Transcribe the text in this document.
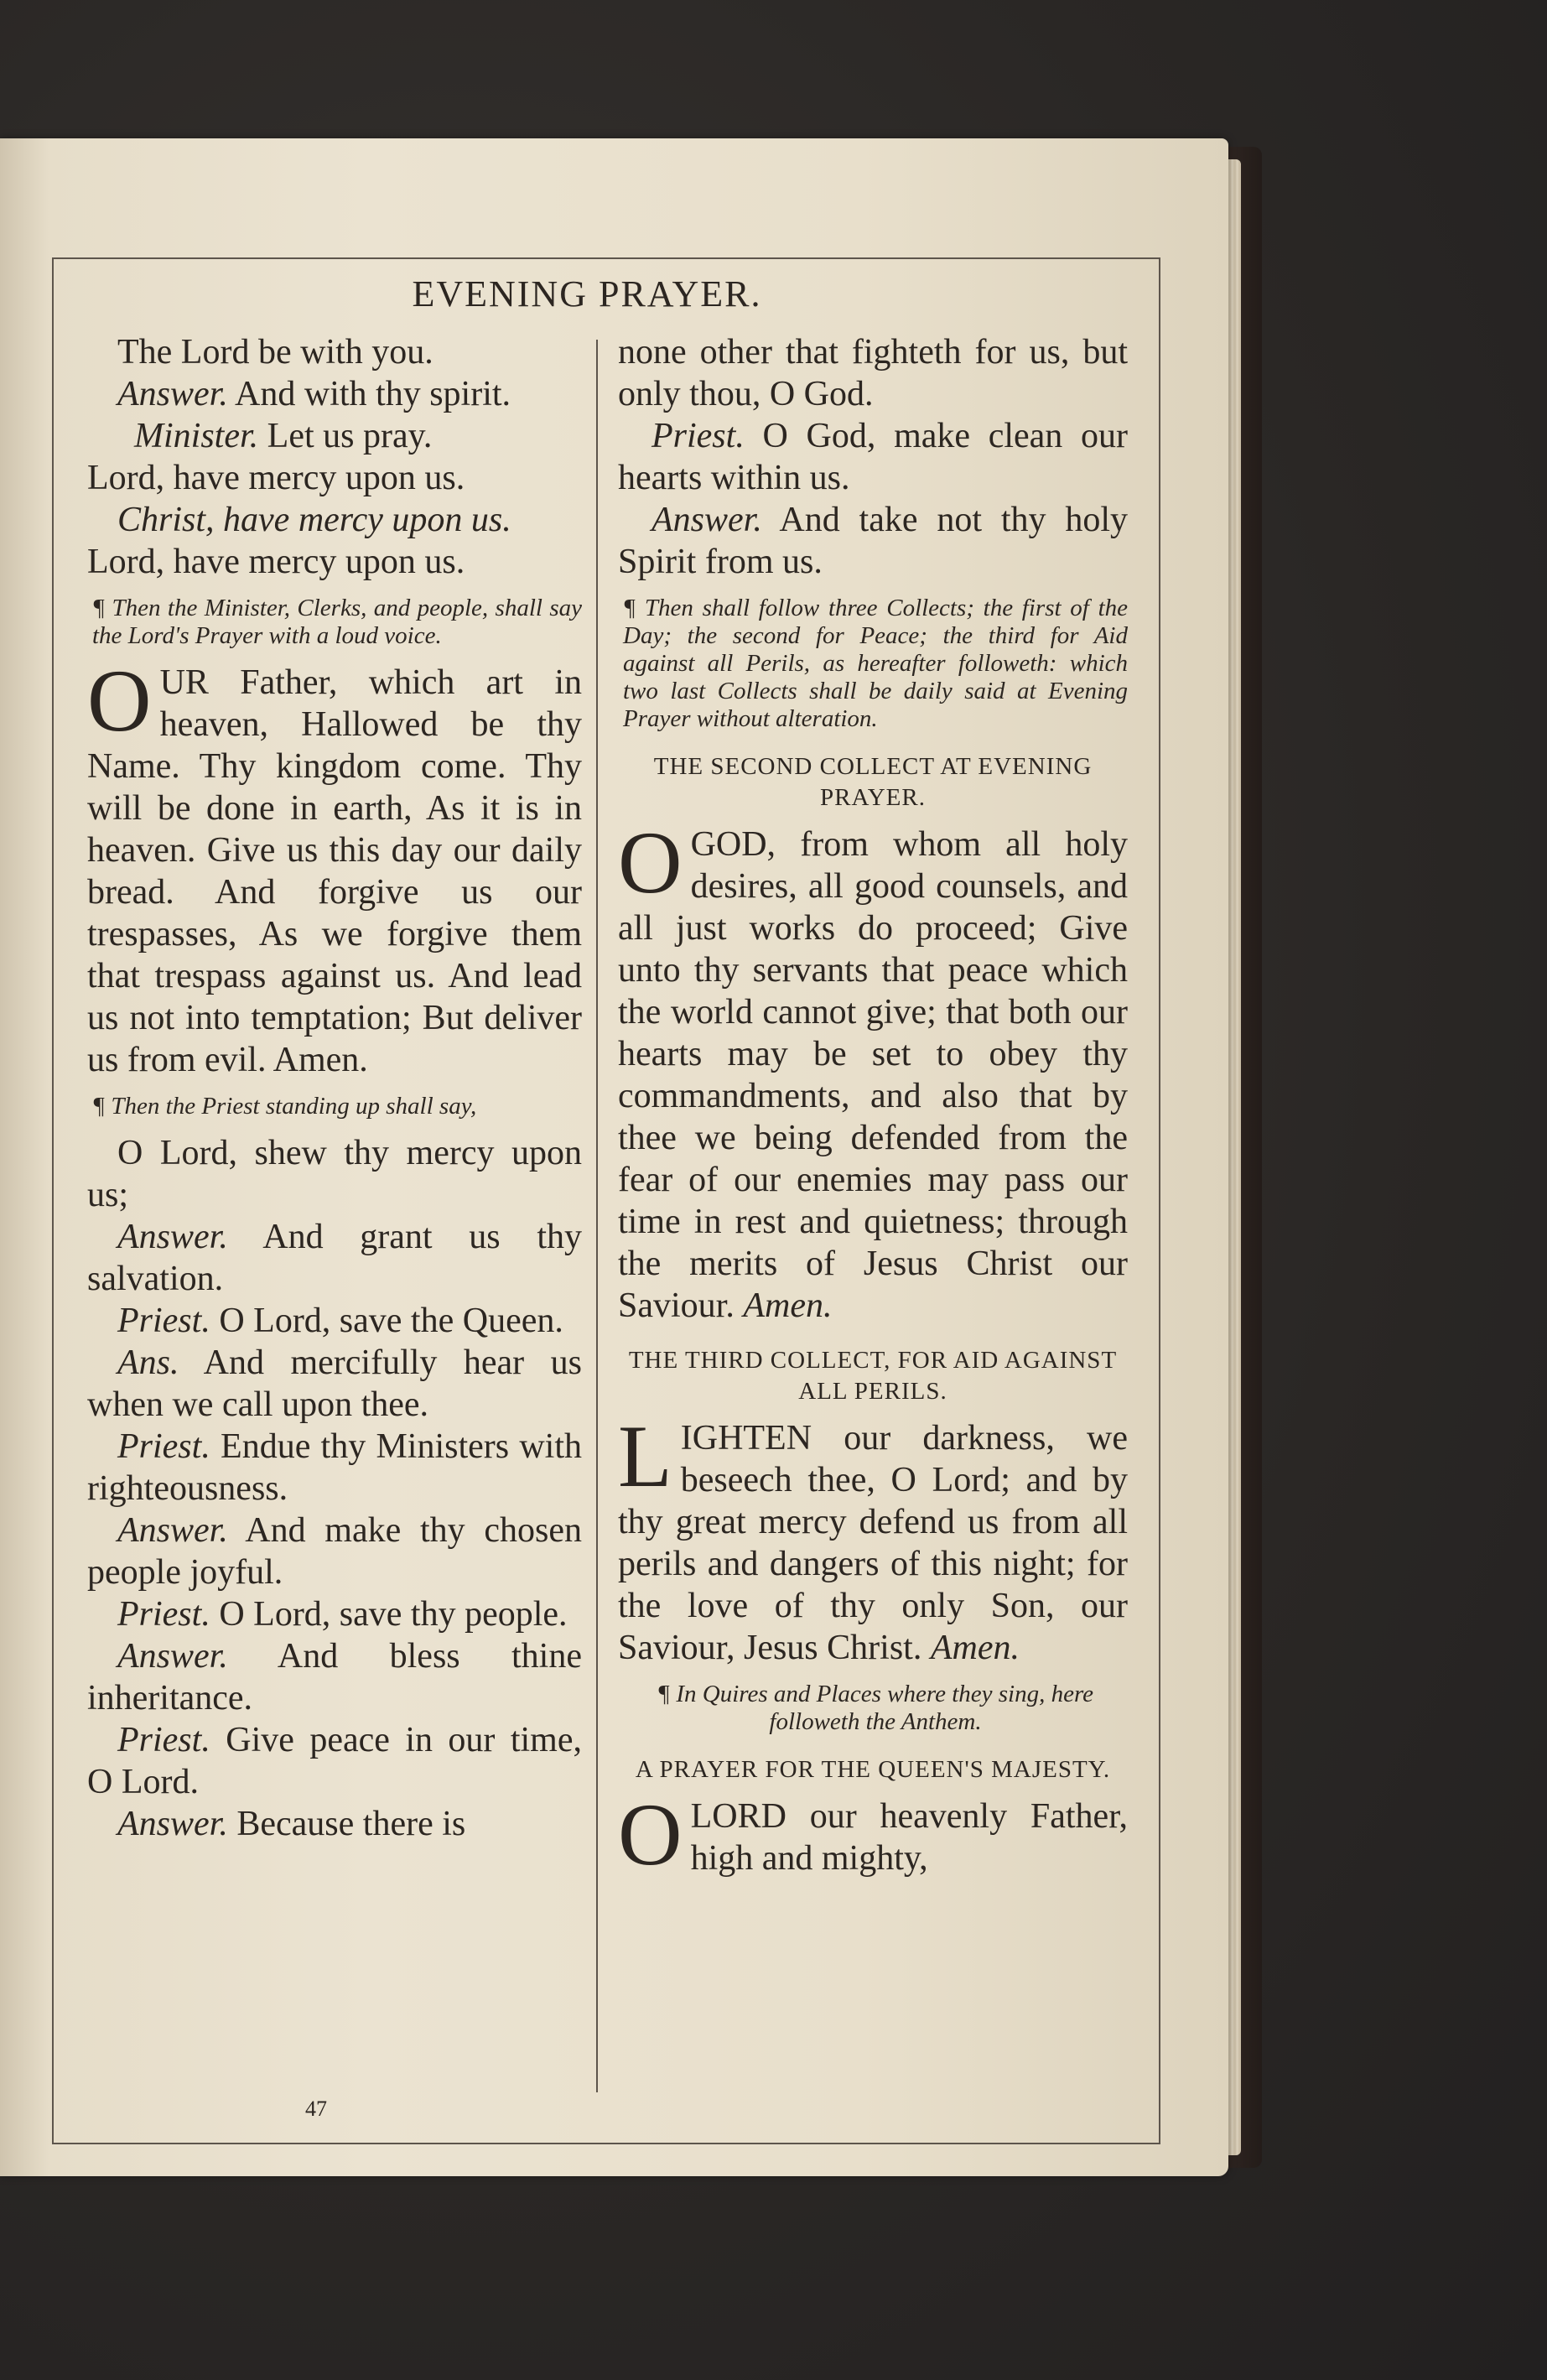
EVENING PRAYER.

The Lord be with you.

Answer. And with thy spirit.

Minister. Let us pray.

Lord, have mercy upon us.

Christ, have mercy upon us.

Lord, have mercy upon us.

¶ Then the Minister, Clerks, and people, shall say the Lord's Prayer with a loud voice.

OUR Father, which art in heaven, Hallowed be thy Name. Thy kingdom come. Thy will be done in earth, As it is in heaven. Give us this day our daily bread. And forgive us our trespasses, As we forgive them that trespass against us. And lead us not into temptation; But deliver us from evil. Amen.

¶ Then the Priest standing up shall say,

O Lord, shew thy mercy upon us;

Answer. And grant us thy salvation.

Priest. O Lord, save the Queen.

Ans. And mercifully hear us when we call upon thee.

Priest. Endue thy Ministers with righteousness.

Answer. And make thy chosen people joyful.

Priest. O Lord, save thy people.

Answer. And bless thine inheritance.

Priest. Give peace in our time, O Lord.

Answer. Because there is

none other that fighteth for us, but only thou, O God.

Priest. O God, make clean our hearts within us.

Answer. And take not thy holy Spirit from us.

¶ Then shall follow three Collects; the first of the Day; the second for Peace; the third for Aid against all Perils, as hereafter followeth: which two last Collects shall be daily said at Evening Prayer without alteration.

THE SECOND COLLECT AT EVENING PRAYER.

O GOD, from whom all holy desires, all good counsels, and all just works do proceed; Give unto thy servants that peace which the world cannot give; that both our hearts may be set to obey thy commandments, and also that by thee we being defended from the fear of our enemies may pass our time in rest and quietness; through the merits of Jesus Christ our Saviour. Amen.

THE THIRD COLLECT, FOR AID AGAINST ALL PERILS.

LIGHTEN our darkness, we beseech thee, O Lord; and by thy great mercy defend us from all perils and dangers of this night; for the love of thy only Son, our Saviour, Jesus Christ. Amen.

¶ In Quires and Places where they sing, here followeth the Anthem.

A PRAYER FOR THE QUEEN'S MAJESTY.

O LORD our heavenly Father, high and mighty,

47
